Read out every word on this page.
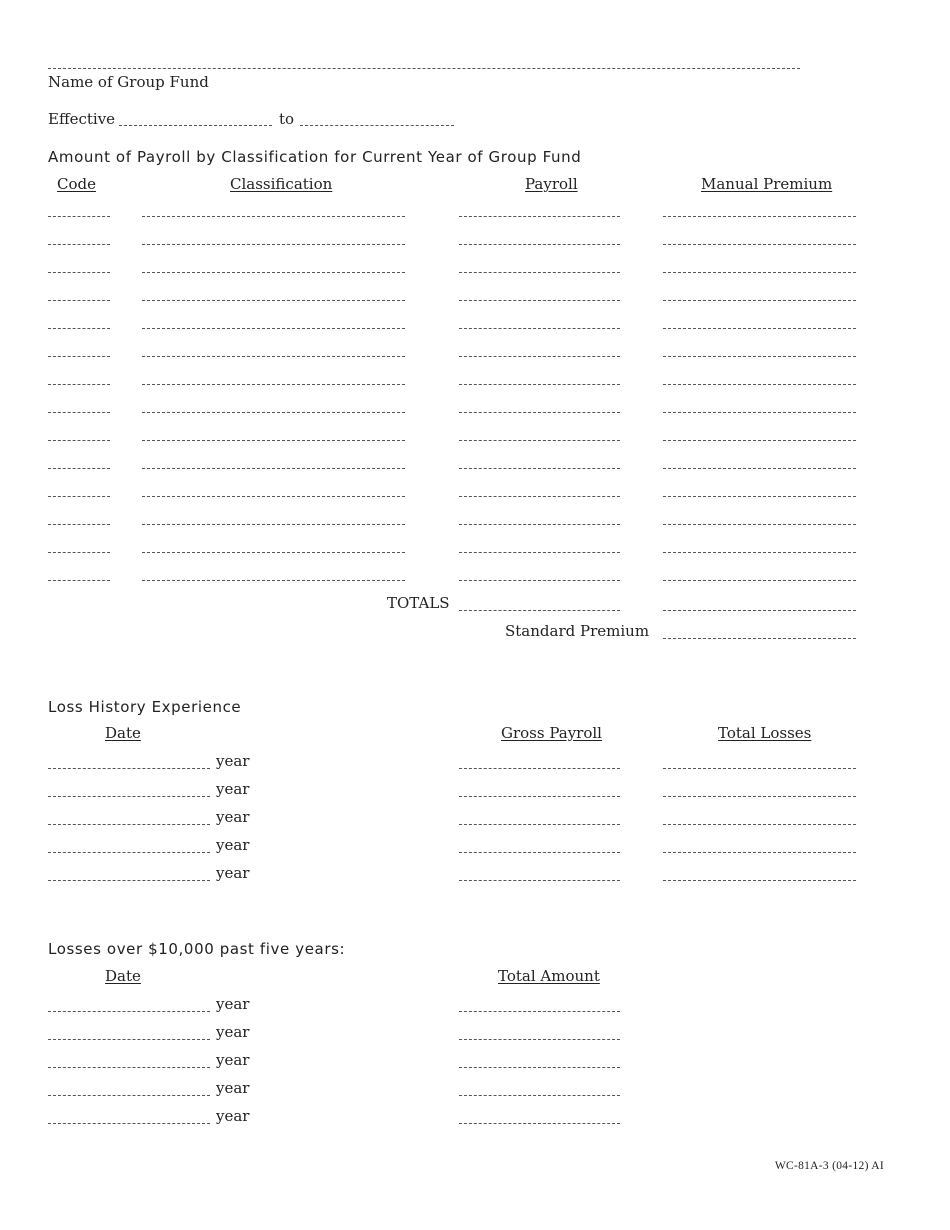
Name of Group Fund
Effective	to
Amount of Payroll by Classification for Current Year of Group Fund
Code	Classification	Payroll	Manual Premium
TOTALS
Standard Premium
Loss History Experience
Date	Gross Payroll	Total Losses
year
year
year
year
year
Losses over $10,000 past five years:
Date	Total Amount
year
year
year
year
year
WC-81A-3 (04-12) AI
